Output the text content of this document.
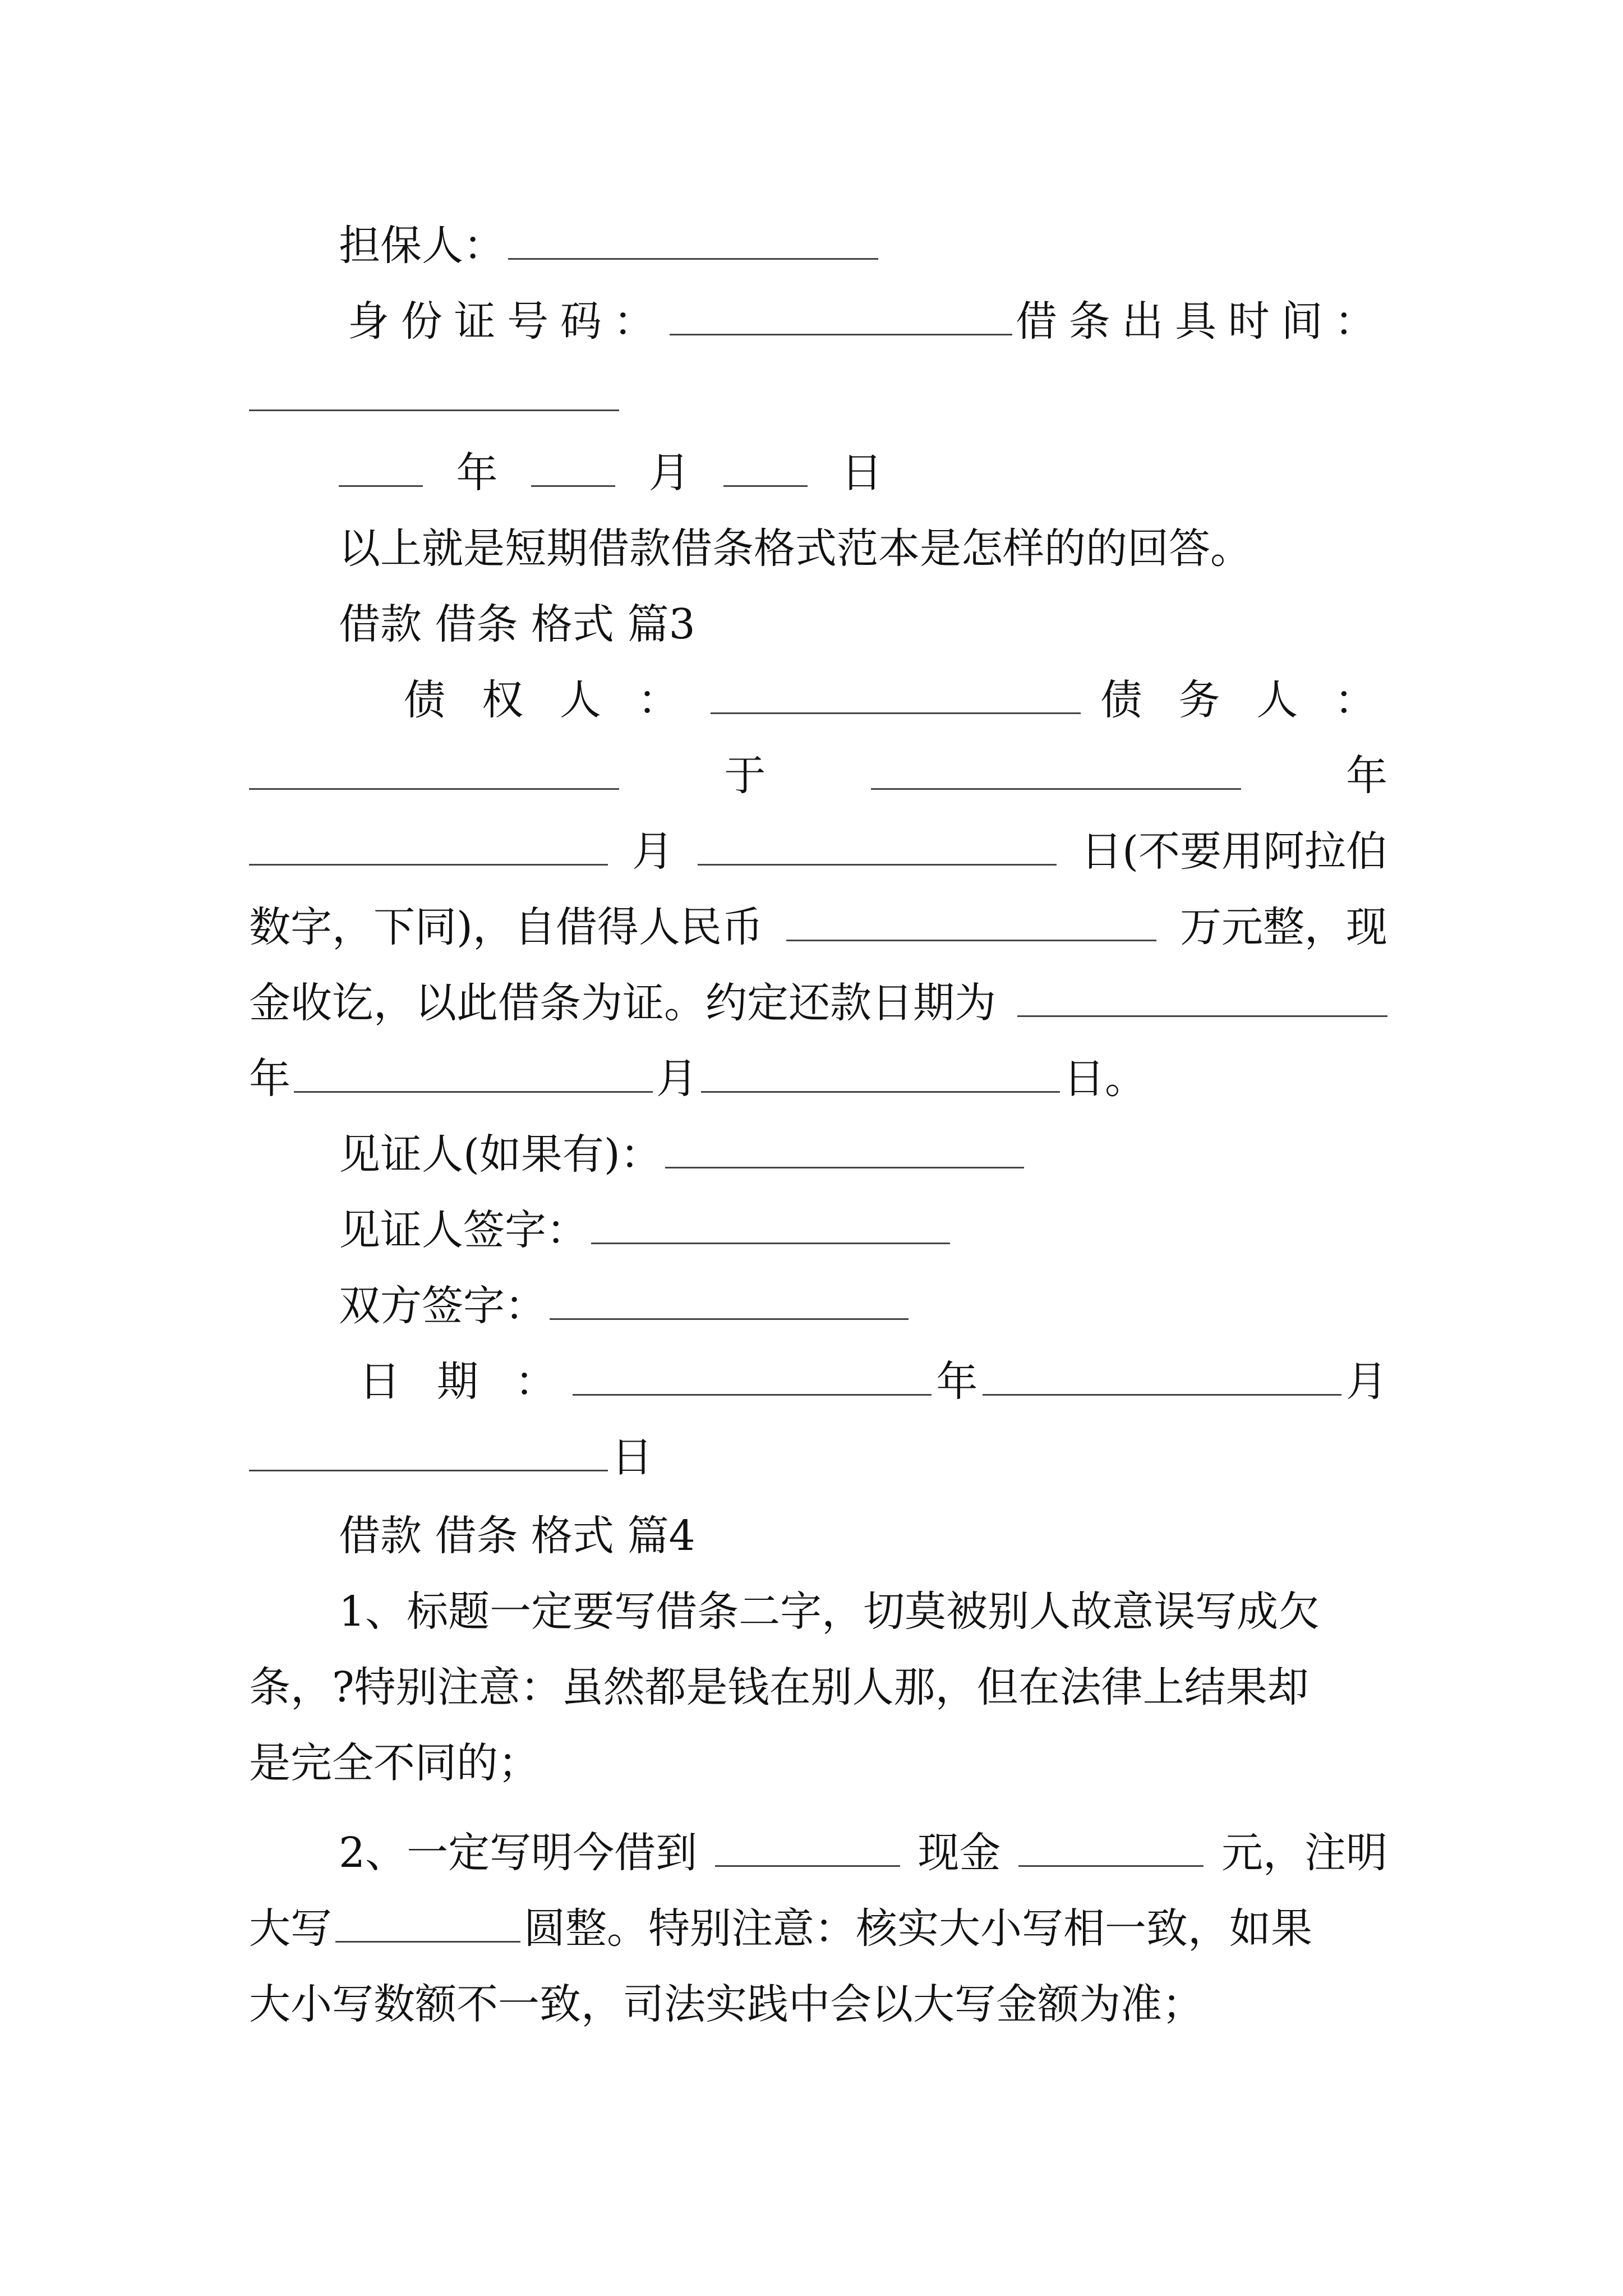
担保人：
身份证号码：	借条出具时间：
年	月	日
以上就是短期借款借条格式范本是怎样的的回答。
借款 借条 格式 篇3
债 权 人 ：	债 务 人 ：
于	年
月	日(不要用阿拉伯
数字，下同)，自借得人民币	万元整，现
金收讫，以此借条为证。约定还款日期为
年	月	日。
见证人(如果有)：
见证人签字：
双方签字：
日 期 ：	年	月
日
借款 借条 格式 篇4
1、标题一定要写借条二字，切莫被别人故意误写成欠
条，?特别注意：虽然都是钱在别人那，但在法律上结果却
是完全不同的；
2、一定写明今借到	现金	元，注明
大写	圆整。特别注意：核实大小写相一致，如果
大小写数额不一致，司法实践中会以大写金额为准；
